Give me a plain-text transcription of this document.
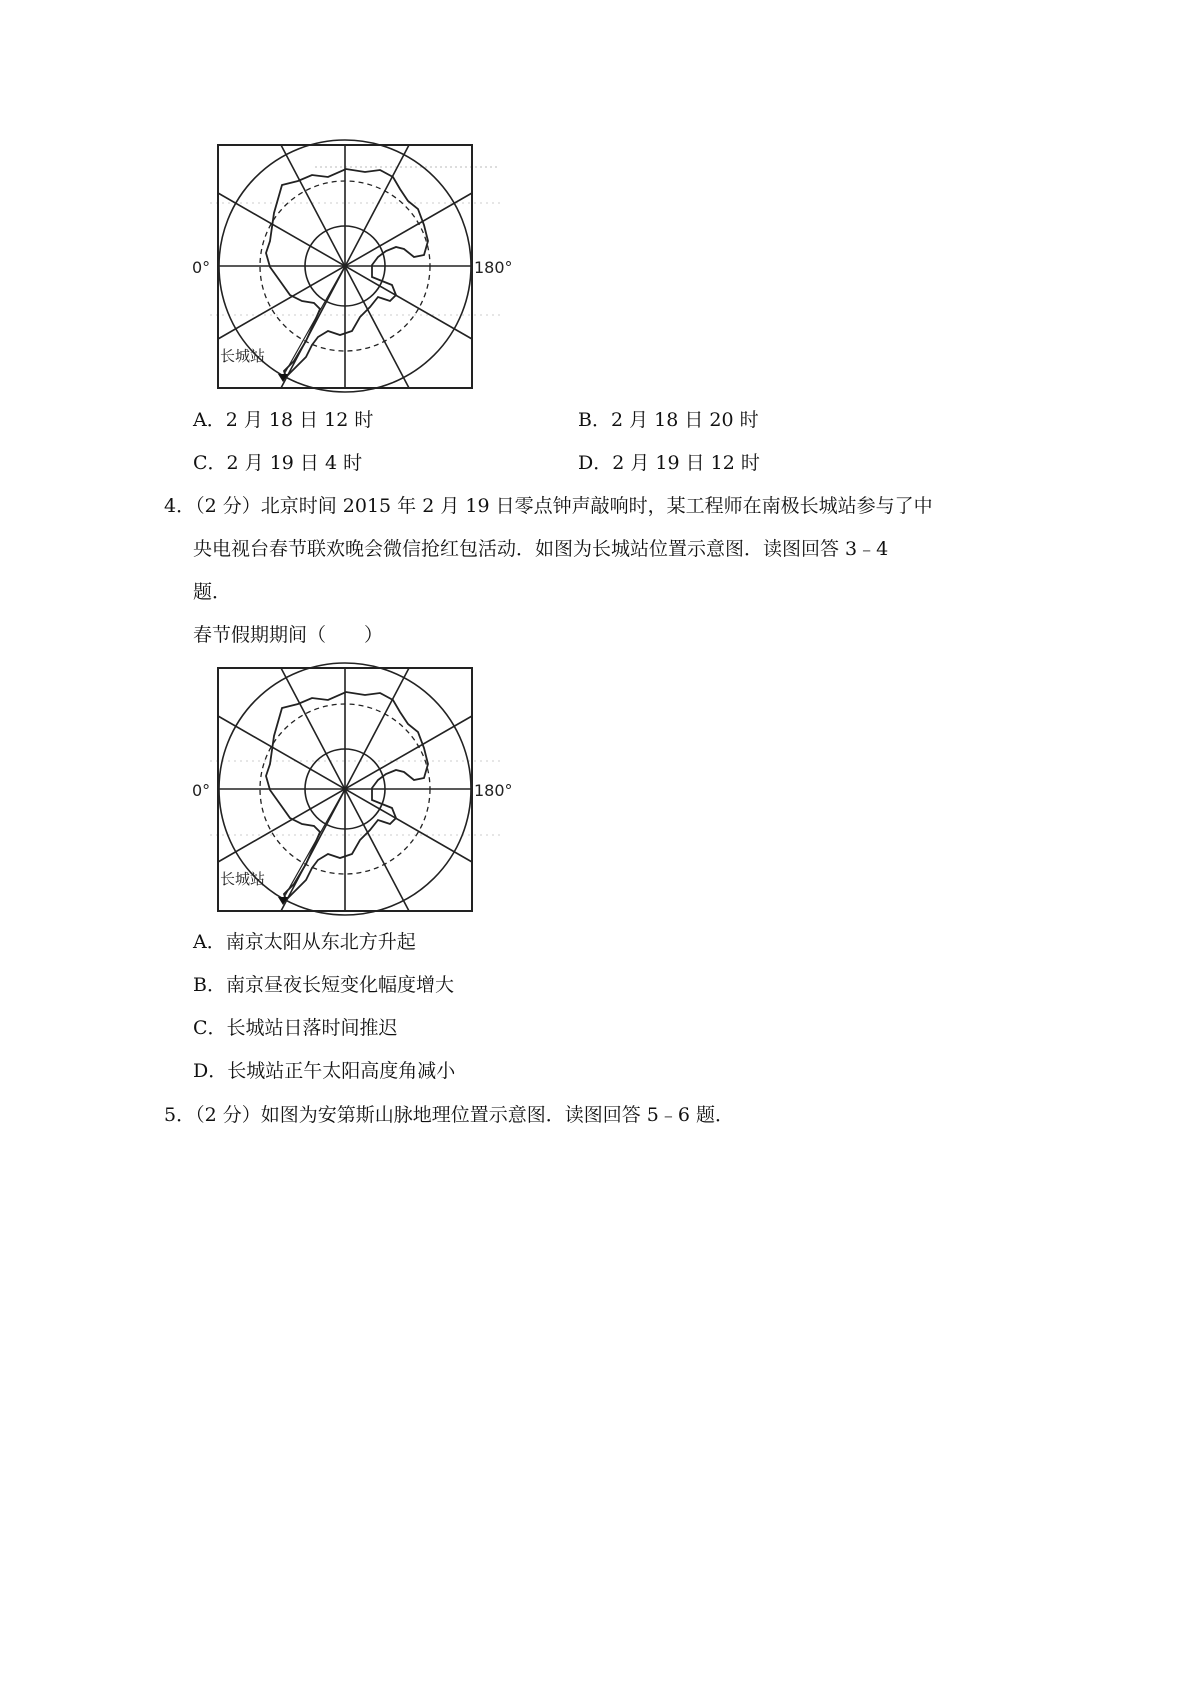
长城站
0°	180°
A．2 月 18 日 12 时	B．2 月 18 日 20 时
C．2 月 19 日 4 时	D．2 月 19 日 12 时
4．（2 分）北京时间 2015 年 2 月 19 日零点钟声敲响时，某工程师在南极长城站参与了中
央电视台春节联欢晚会微信抢红包活动．如图为长城站位置示意图．读图回答 3﹣4
题．
春节假期期间（　　）
长城站
0°	180°
A．南京太阳从东北方升起
B．南京昼夜长短变化幅度增大
C．长城站日落时间推迟
D．长城站正午太阳高度角减小
5．（2 分）如图为安第斯山脉地理位置示意图．读图回答 5﹣6 题．
